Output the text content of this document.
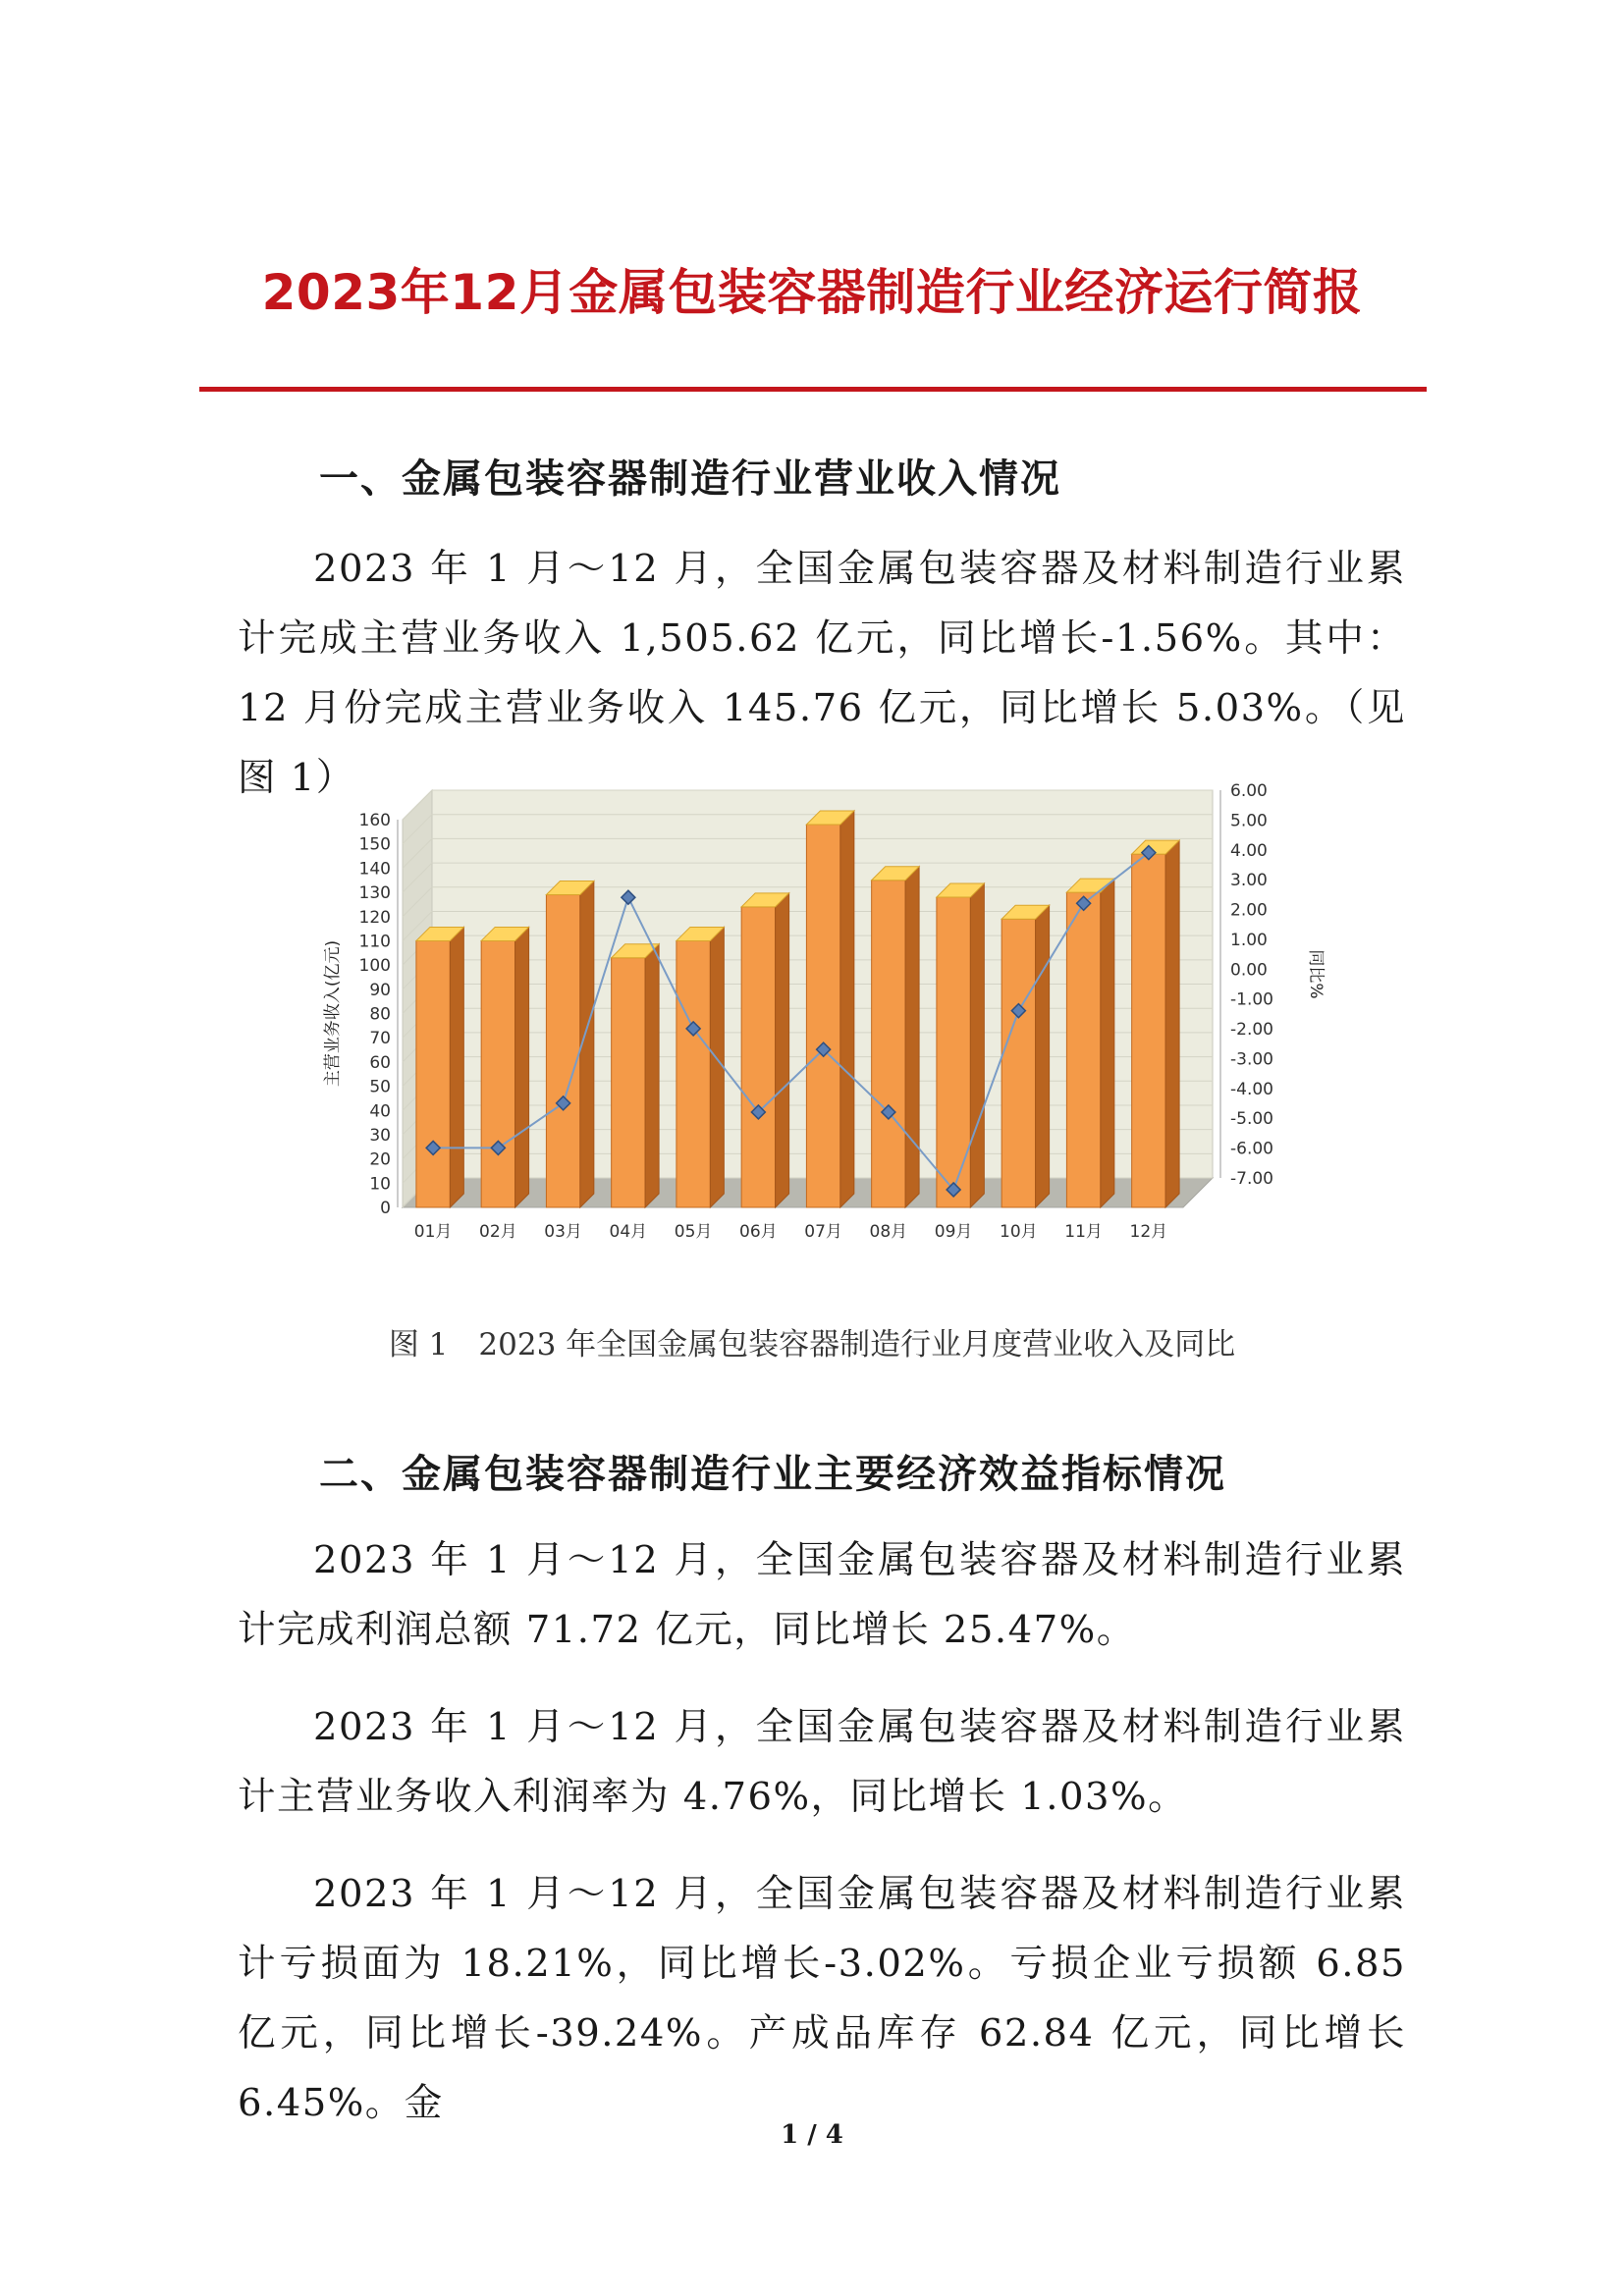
2023年12月金属包装容器制造行业经济运行简报
一、金属包装容器制造行业营业收入情况

2023 年 1 月～12 月，全国金属包装容器及材料制造行业累计完成主营业务收入 1,505.62 亿元，同比增长-1.56%。其中：12 月份完成主营业务收入 145.76 亿元，同比增长 5.03%。（见图 1）

0
10
20
30
40
50
60
70
80
90
100
110
120
130
140
150
160
-7.00
-6.00
-5.00
-4.00
-3.00
-2.00
-1.00
0.00
1.00
2.00
3.00
4.00
5.00
6.00
主营业务收入(亿元)	同比%
01月 02月 03月 04月 05月 06月 07月 08月 09月 10月 11月 12月
图 1　2023 年全国金属包装容器制造行业月度营业收入及同比
二、金属包装容器制造行业主要经济效益指标情况

2023 年 1 月～12 月，全国金属包装容器及材料制造行业累计完成利润总额 71.72 亿元，同比增长 25.47%。

2023 年 1 月～12 月，全国金属包装容器及材料制造行业累计主营业务收入利润率为 4.76%，同比增长 1.03%。

2023 年 1 月～12 月，全国金属包装容器及材料制造行业累计亏损面为 18.21%，同比增长-3.02%。亏损企业亏损额 6.85 亿元，同比增长-39.24%。产成品库存 62.84 亿元，同比增长 6.45%。金

1 / 4
